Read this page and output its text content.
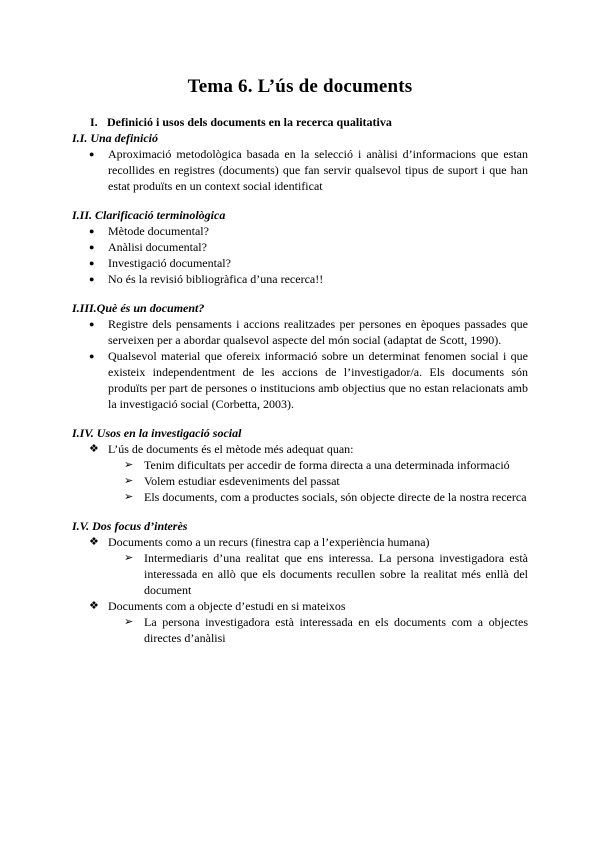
Tema 6. L’ús de documents
I. Definició i usos dels documents en la recerca qualitativa
I.I. Una definició
● Aproximació metodològica basada en la selecció i anàlisi d’informacions que estan recollides en registres (documents) que fan servir qualsevol tipus de suport i que han estat produïts en un context social identificat
I.II. Clarificació terminològica
● Mètode documental?
● Anàlisi documental?
● Investigació documental?
● No és la revisió bibliogràfica d’una recerca!!
I.III.Què és un document?
● Registre dels pensaments i accions realitzades per persones en èpoques passades que serveixen per a abordar qualsevol aspecte del món social (adaptat de Scott, 1990).
● Qualsevol material que ofereix informació sobre un determinat fenomen social i que existeix independentment de les accions de l’investigador/a. Els documents són produïts per part de persones o institucions amb objectius que no estan relacionats amb la investigació social (Corbetta, 2003).
I.IV. Usos en la investigació social
❖ L’ús de documents és el mètode més adequat quan:
➢ Tenim dificultats per accedir de forma directa a una determinada informació
➢ Volem estudiar esdeveniments del passat
➢ Els documents, com a productes socials, són objecte directe de la nostra recerca
I.V. Dos focus d’interès
❖ Documents como a un recurs (finestra cap a l’experiència humana)
➢ Intermediaris d’una realitat que ens interessa. La persona investigadora està interessada en allò que els documents recullen sobre la realitat més enllà del document
❖ Documents com a objecte d’estudi en si mateixos
➢ La persona investigadora està interessada en els documents com a objectes directes d’anàlisi
